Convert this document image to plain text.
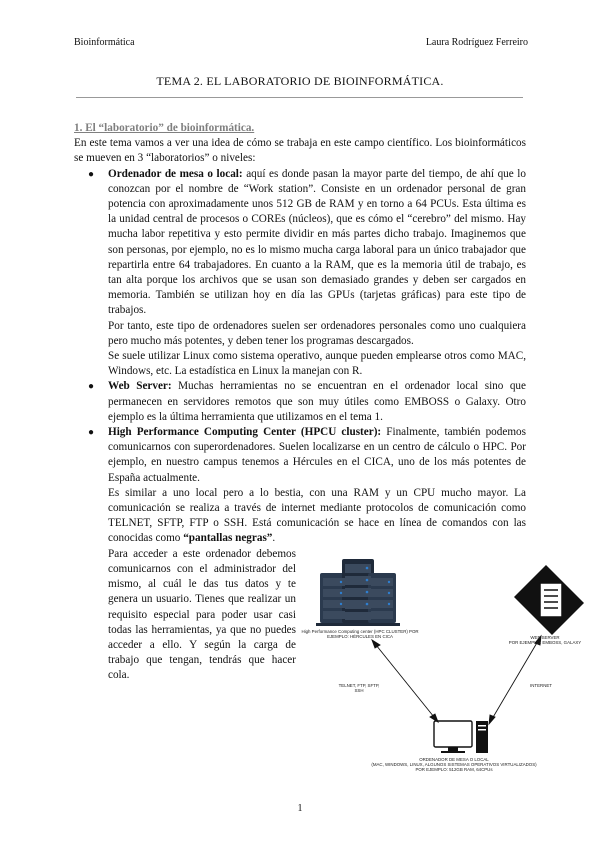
Bioinformática	Laura Rodríguez Ferreiro
TEMA 2. EL LABORATORIO DE BIOINFORMÁTICA.

1. El “laboratorio” de bioinformática.

En este tema vamos a ver una idea de cómo se trabaja en este campo científico. Los bioinformáticos se mueven en 3 “laboratorios” o niveles:

● Ordenador de mesa o local: aquí es donde pasan la mayor parte del tiempo, de ahí que lo conozcan por el nombre de “Work station”. Consiste en un ordenador personal de gran potencia con aproximadamente unos 512 GB de RAM y en torno a 64 PCUs. Esta última es la unidad central de procesos o COREs (núcleos), que es cómo el “cerebro” del mismo. Hay mucha labor repetitiva y esto permite dividir en más partes dicho trabajo. Imaginemos que son personas, por ejemplo, no es lo mismo mucha carga laboral para un único trabajador que repartirla entre 64 trabajadores. En cuanto a la RAM, que es la memoria útil de trabajo, es tan alta porque los archivos que se usan son demasiado grandes y deben ser cargados en memoria. También se utilizan hoy en día las GPUs (tarjetas gráficas) para este tipo de trabajos.

Por tanto, este tipo de ordenadores suelen ser ordenadores personales como uno cualquiera pero mucho más potentes, y deben tener los programas descargados.

Se suele utilizar Linux como sistema operativo, aunque pueden emplearse otros como MAC, Windows, etc. La estadística en Linux la manejan con R.

● Web Server: Muchas herramientas no se encuentran en el ordenador local sino que permanecen en servidores remotos que son muy útiles como EMBOSS o Galaxy. Otro ejemplo es la última herramienta que utilizamos en el tema 1.

● High Performance Computing Center (HPCU cluster): Finalmente, también podemos comunicarnos con superordenadores. Suelen localizarse en un centro de cálculo o HPC. Por ejemplo, en nuestro campus tenemos a Hércules en el CICA, uno de los más potentes de España actualmente.

Es similar a uno local pero a lo bestia, con una RAM y un CPU mucho mayor. La comunicación se realiza a través de internet mediante protocolos de comunicación como TELNET, SFTP, FTP o SSH. Está comunicación se hace en línea de comandos con las conocidas como “pantallas negras”.

Para acceder a este ordenador debemos comunicarnos con el administrador del mismo, al cuál le das tus datos y te genera un usuario. Tienes que realizar un requisito especial para poder usar casi todas las herramientas, ya que no puedes acceder a ello. Y según la carga de trabajo que tengan, tendrás que hacer cola.

High Performance Computing center (HPC CLUSTER) POR EJEMPLO: HÉRCULES EN CICA	WEB SERVER
POR EJEMPLO: EMBOSS, GALAXY
TELNET, FTP, SFTP, SSH
INTERNET
ORDENADOR DE MESA O LOCAL
(MAC, WINDOWS, LINUX, ALGUNOS SISTEMAS OPERATIVOS VIRTUALIZADOS)
POR EJEMPLO: 512GB RAM, 64CPUs
1
